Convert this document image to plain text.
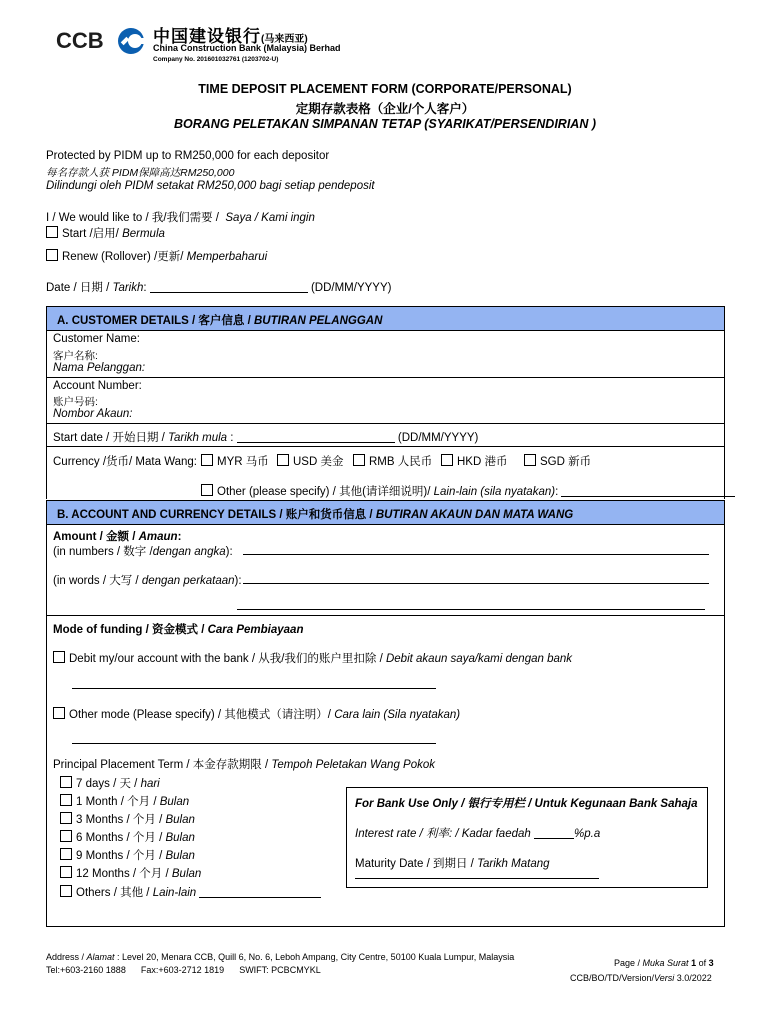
CCB	中国建设银行(马来西亚)
China Construction Bank (Malaysia) Berhad
Company No. 201601032761 (1203702-U)
TIME DEPOSIT PLACEMENT FORM (CORPORATE/PERSONAL)
定期存款表格（企业/个人客户）
BORANG PELETAKAN SIMPANAN TETAP (SYARIKAT/PERSENDIRIAN )
Protected by PIDM up to RM250,000 for each depositor
每名存款人获 PIDM保障高达RM250,000
Dilindungi oleh PIDM setakat RM250,000 bagi setiap pendeposit
I / We would like to / 我/我们需要 / Saya / Kami ingin
Start /启用/ Bermula
Renew (Rollover) /更新/ Memperbaharui
Date / 日期 / Tarikh:	(DD/MM/YYYY)
A. CUSTOMER DETAILS / 客户信息 / BUTIRAN PELANGGAN
Customer Name:
客户名称:
Nama Pelanggan:
Account Number:
账户号码:
Nombor Akaun:
Start date / 开始日期 / Tarikh mula :	(DD/MM/YYYY)
Currency /货币/ Mata Wang:	MYR 马币	USD 美金	RMB 人民币	HKD 港币	SGD 新币
Other (please specify) / 其他(请详细说明)/ Lain-lain (sila nyatakan):
B. ACCOUNT AND CURRENCY DETAILS / 账户和货币信息 / BUTIRAN AKAUN DAN MATA WANG
Amount / 金额 / Amaun:
(in numbers / 数字 /dengan angka):
(in words / 大写 / dengan perkataan):
Mode of funding / 资金模式 / Cara Pembiayaan
Debit my/our account with the bank / 从我/我们的账户里扣除 / Debit akaun saya/kami dengan bank
Other mode (Please specify) / 其他模式（请注明）/ Cara lain (Sila nyatakan)
Principal Placement Term / 本金存款期限 / Tempoh Peletakan Wang Pokok
7 days / 天 / hari
1 Month / 个月 / Bulan
3 Months / 个月 / Bulan
6 Months / 个月 / Bulan
9 Months / 个月 / Bulan
12 Months / 个月 / Bulan
Others / 其他 / Lain-lain
For Bank Use Only / 银行专用栏 / Untuk Kegunaan Bank Sahaja
Interest rate / 利率: / Kadar faedah	%p.a
Maturity Date / 到期日 / Tarikh Matang
Address / Alamat : Level 20, Menara CCB, Quill 6, No. 6, Leboh Ampang, City Centre, 50100 Kuala Lumpur, Malaysia
Tel:+603-2160 1888 Fax:+603-2712 1819 SWIFT: PCBCMYKL
Page / Muka Surat 1 of 3
CCB/BO/TD/Version/Versi 3.0/2022
